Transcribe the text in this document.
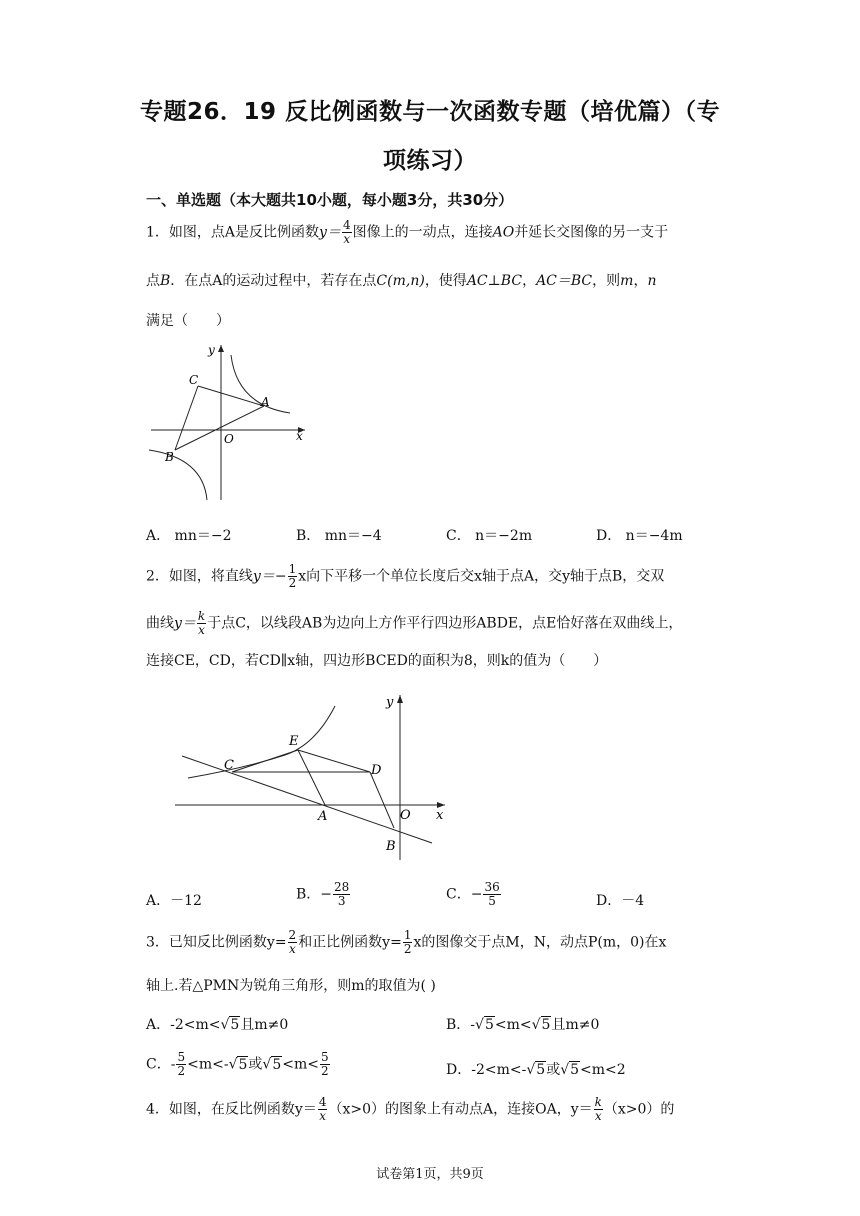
专题26．19 反比例函数与一次函数专题（培优篇）（专
项练习）
一、单选题（本大题共10小题，每小题3分，共30分）
1．如图，点A是反比例函数$y= \frac{4}{x}$ 图像上的一动点，连接AO并延长交图像的另一支于
点B．在点A的运动过程中，若存在点C(m,n)，使得AC⊥BC，AC＝BC，则m，n
满足（　　）
y
x
C
A
O
B
A． mn＝−2	B． mn＝−4	C． n＝−2m	D． n＝−4m
2．如图，将直线$y=- \frac{1}{2}$ x向下平移一个单位长度后交x轴于点A，交y轴于点B，交双
曲线$y= \frac{k}{x}$ 于点C，以线段AB为边向上方作平行四边形ABDE，点E恰好落在双曲线上，
连接CE，CD，若CD∥x轴，四边形BCED的面积为8，则k的值为（　　）
y
x
E
C	D
A	O
B
A．－12	B．− $\frac{28}{3}$	C．− $\frac{36}{5}$	D．－4
3．已知反比例函数$y= \frac{2}{x}$ 和正比例函数$y= \frac{1}{2}$ x的图像交于点M，N，动点P(m，0)在x
轴上.若△PMN为锐角三角形，则m的取值为( )
A．-2<m<√5且m≠0	B．-√5<m<√5且m≠0
C．- $\frac{5}{2} <m<-√5$或$√5<m< \frac{5}{2}$	D．-2<m<-√5或√5<m<2
4．如图，在反比例函数$y= \frac{4}{x} (x>0)$的图象上有动点A，连接OA，$y= \frac{k}{x} (x>0)$的
试卷第1页，共9页
